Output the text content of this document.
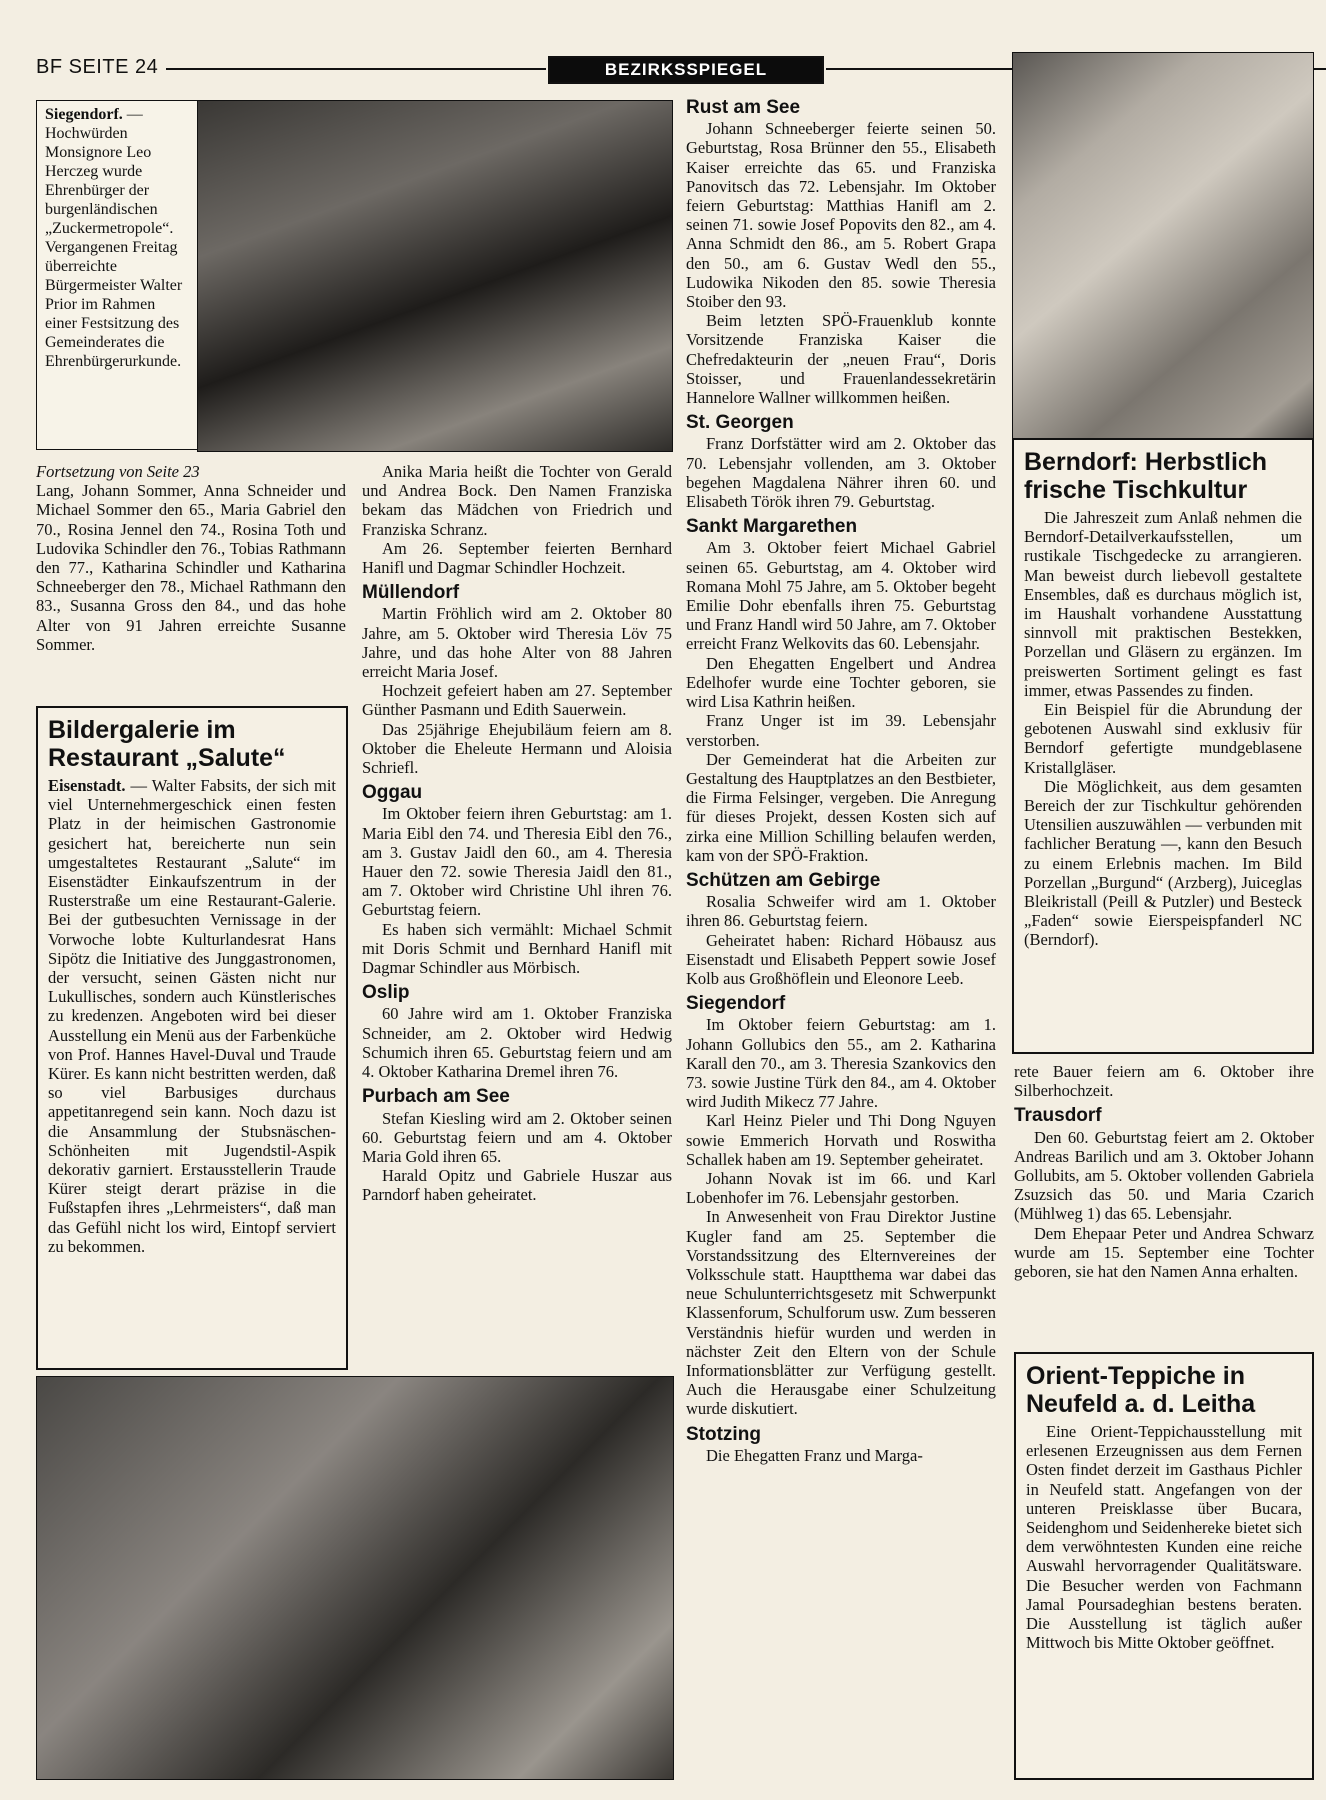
BF SEITE 24	BEZIRKSSPIEGEL
Siegendorf. — Hochwürden Monsignore Leo Herczeg wurde Ehrenbürger der burgenländischen „Zuckermetropole“. Vergangenen Freitag überreichte Bürgermeister Walter Prior im Rahmen einer Festsitzung des Gemeinderates die Ehrenbürgerurkunde.

Fortsetzung von Seite 23

Lang, Johann Sommer, Anna Schneider und Michael Sommer den 65., Maria Gabriel den 70., Rosina Jennel den 74., Rosina Toth und Ludovika Schindler den 76., Tobias Rathmann den 77., Katharina Schindler und Katharina Schneeberger den 78., Michael Rathmann den 83., Susanna Gross den 84., und das hohe Alter von 91 Jahren erreichte Susanne Sommer.

Bildergalerie im Restaurant „Salute“

Eisenstadt. — Walter Fabsits, der sich mit viel Unternehmergeschick einen festen Platz in der heimischen Gastronomie gesichert hat, bereicherte nun sein umgestaltetes Restaurant „Salute“ im Eisenstädter Einkaufszentrum in der Rusterstraße um eine Restaurant-Galerie. Bei der gutbesuchten Vernissage in der Vorwoche lobte Kulturlandesrat Hans Sipötz die Initiative des Junggastronomen, der versucht, seinen Gästen nicht nur Lukullisches, sondern auch Künstlerisches zu kredenzen. Angeboten wird bei dieser Ausstellung ein Menü aus der Farbenküche von Prof. Hannes Havel-Duval und Traude Kürer. Es kann nicht bestritten werden, daß so viel Barbusiges durchaus appetitanregend sein kann. Noch dazu ist die Ansammlung der Stubsnäschen-Schönheiten mit Jugendstil-Aspik dekorativ garniert. Erstausstellerin Traude Kürer steigt derart präzise in die Fußstapfen ihres „Lehrmeisters“, daß man das Gefühl nicht los wird, Eintopf serviert zu bekommen.

Anika Maria heißt die Tochter von Gerald und Andrea Bock. Den Namen Franziska bekam das Mädchen von Friedrich und Franziska Schranz.

Am 26. September feierten Bernhard Hanifl und Dagmar Schindler Hochzeit.

Müllendorf

Martin Fröhlich wird am 2. Oktober 80 Jahre, am 5. Oktober wird Theresia Löv 75 Jahre, und das hohe Alter von 88 Jahren erreicht Maria Josef.

Hochzeit gefeiert haben am 27. September Günther Pasmann und Edith Sauerwein.

Das 25jährige Ehejubiläum feiern am 8. Oktober die Eheleute Hermann und Aloisia Schriefl.

Oggau

Im Oktober feiern ihren Geburtstag: am 1. Maria Eibl den 74. und Theresia Eibl den 76., am 3. Gustav Jaidl den 60., am 4. Theresia Hauer den 72. sowie Theresia Jaidl den 81., am 7. Oktober wird Christine Uhl ihren 76. Geburtstag feiern.

Es haben sich vermählt: Michael Schmit mit Doris Schmit und Bernhard Hanifl mit Dagmar Schindler aus Mörbisch.

Oslip

60 Jahre wird am 1. Oktober Franziska Schneider, am 2. Oktober wird Hedwig Schumich ihren 65. Geburtstag feiern und am 4. Oktober Katharina Dremel ihren 76.

Purbach am See

Stefan Kiesling wird am 2. Oktober seinen 60. Geburtstag feiern und am 4. Oktober Maria Gold ihren 65.

Harald Opitz und Gabriele Huszar aus Parndorf haben geheiratet.

Rust am See

Johann Schneeberger feierte seinen 50. Geburtstag, Rosa Brünner den 55., Elisabeth Kaiser erreichte das 65. und Franziska Panovitsch das 72. Lebensjahr. Im Oktober feiern Geburtstag: Matthias Hanifl am 2. seinen 71. sowie Josef Popovits den 82., am 4. Anna Schmidt den 86., am 5. Robert Grapa den 50., am 6. Gustav Wedl den 55., Ludowika Nikoden den 85. sowie Theresia Stoiber den 93.

Beim letzten SPÖ-Frauenklub konnte Vorsitzende Franziska Kaiser die Chefredakteurin der „neuen Frau“, Doris Stoisser, und Frauenlandessekretärin Hannelore Wallner willkommen heißen.

St. Georgen

Franz Dorfstätter wird am 2. Oktober das 70. Lebensjahr vollenden, am 3. Oktober begehen Magdalena Nährer ihren 60. und Elisabeth Török ihren 79. Geburtstag.

Sankt Margarethen

Am 3. Oktober feiert Michael Gabriel seinen 65. Geburtstag, am 4. Oktober wird Romana Mohl 75 Jahre, am 5. Oktober begeht Emilie Dohr ebenfalls ihren 75. Geburtstag und Franz Handl wird 50 Jahre, am 7. Oktober erreicht Franz Welkovits das 60. Lebensjahr.

Den Ehegatten Engelbert und Andrea Edelhofer wurde eine Tochter geboren, sie wird Lisa Kathrin heißen.

Franz Unger ist im 39. Lebensjahr verstorben.

Der Gemeinderat hat die Arbeiten zur Gestaltung des Hauptplatzes an den Bestbieter, die Firma Felsinger, vergeben. Die Anregung für dieses Projekt, dessen Kosten sich auf zirka eine Million Schilling belaufen werden, kam von der SPÖ-Fraktion.

Schützen am Gebirge

Rosalia Schweifer wird am 1. Oktober ihren 86. Geburtstag feiern.

Geheiratet haben: Richard Höbausz aus Eisenstadt und Elisabeth Peppert sowie Josef Kolb aus Großhöflein und Eleonore Leeb.

Siegendorf

Im Oktober feiern Geburtstag: am 1. Johann Gollubics den 55., am 2. Katharina Karall den 70., am 3. Theresia Szankovics den 73. sowie Justine Türk den 84., am 4. Oktober wird Judith Mikecz 77 Jahre.

Karl Heinz Pieler und Thi Dong Nguyen sowie Emmerich Horvath und Roswitha Schallek haben am 19. September geheiratet.

Johann Novak ist im 66. und Karl Lobenhofer im 76. Lebensjahr gestorben.

In Anwesenheit von Frau Direktor Justine Kugler fand am 25. September die Vorstandssitzung des Elternvereines der Volksschule statt. Hauptthema war dabei das neue Schulunterrichtsgesetz mit Schwerpunkt Klassenforum, Schulforum usw. Zum besseren Verständnis hiefür wurden und werden in nächster Zeit den Eltern von der Schule Informationsblätter zur Verfügung gestellt. Auch die Herausgabe einer Schulzeitung wurde diskutiert.

Stotzing

Die Ehegatten Franz und Marga-

Berndorf: Herbstlich frische Tischkultur

Die Jahreszeit zum Anlaß nehmen die Berndorf-Detailverkaufsstellen, um rustikale Tischgedecke zu arrangieren. Man beweist durch liebevoll gestaltete Ensembles, daß es durchaus möglich ist, im Haushalt vorhandene Ausstattung sinnvoll mit praktischen Bestekken, Porzellan und Gläsern zu ergänzen. Im preiswerten Sortiment gelingt es fast immer, etwas Passendes zu finden.

Ein Beispiel für die Abrundung der gebotenen Auswahl sind exklusiv für Berndorf gefertigte mundgeblasene Kristallgläser.

Die Möglichkeit, aus dem gesamten Bereich der zur Tischkultur gehörenden Utensilien auszuwählen — verbunden mit fachlicher Beratung —, kann den Besuch zu einem Erlebnis machen. Im Bild Porzellan „Burgund“ (Arzberg), Juiceglas Bleikristall (Peill & Putzler) und Besteck „Faden“ sowie Eierspeispfanderl NC (Berndorf).

rete Bauer feiern am 6. Oktober ihre Silberhochzeit.

Trausdorf

Den 60. Geburtstag feiert am 2. Oktober Andreas Barilich und am 3. Oktober Johann Gollubits, am 5. Oktober vollenden Gabriela Zsuzsich das 50. und Maria Czarich (Mühlweg 1) das 65. Lebensjahr.

Dem Ehepaar Peter und Andrea Schwarz wurde am 15. September eine Tochter geboren, sie hat den Namen Anna erhalten.

Orient-Teppiche in Neufeld a. d. Leitha

Eine Orient-Teppichausstellung mit erlesenen Erzeugnissen aus dem Fernen Osten findet derzeit im Gasthaus Pichler in Neufeld statt. Angefangen von der unteren Preisklasse über Bucara, Seidenghom und Seidenhereke bietet sich dem verwöhntesten Kunden eine reiche Auswahl hervorragender Qualitätsware. Die Besucher werden von Fachmann Jamal Poursadeghian bestens beraten. Die Ausstellung ist täglich außer Mittwoch bis Mitte Oktober geöffnet.
